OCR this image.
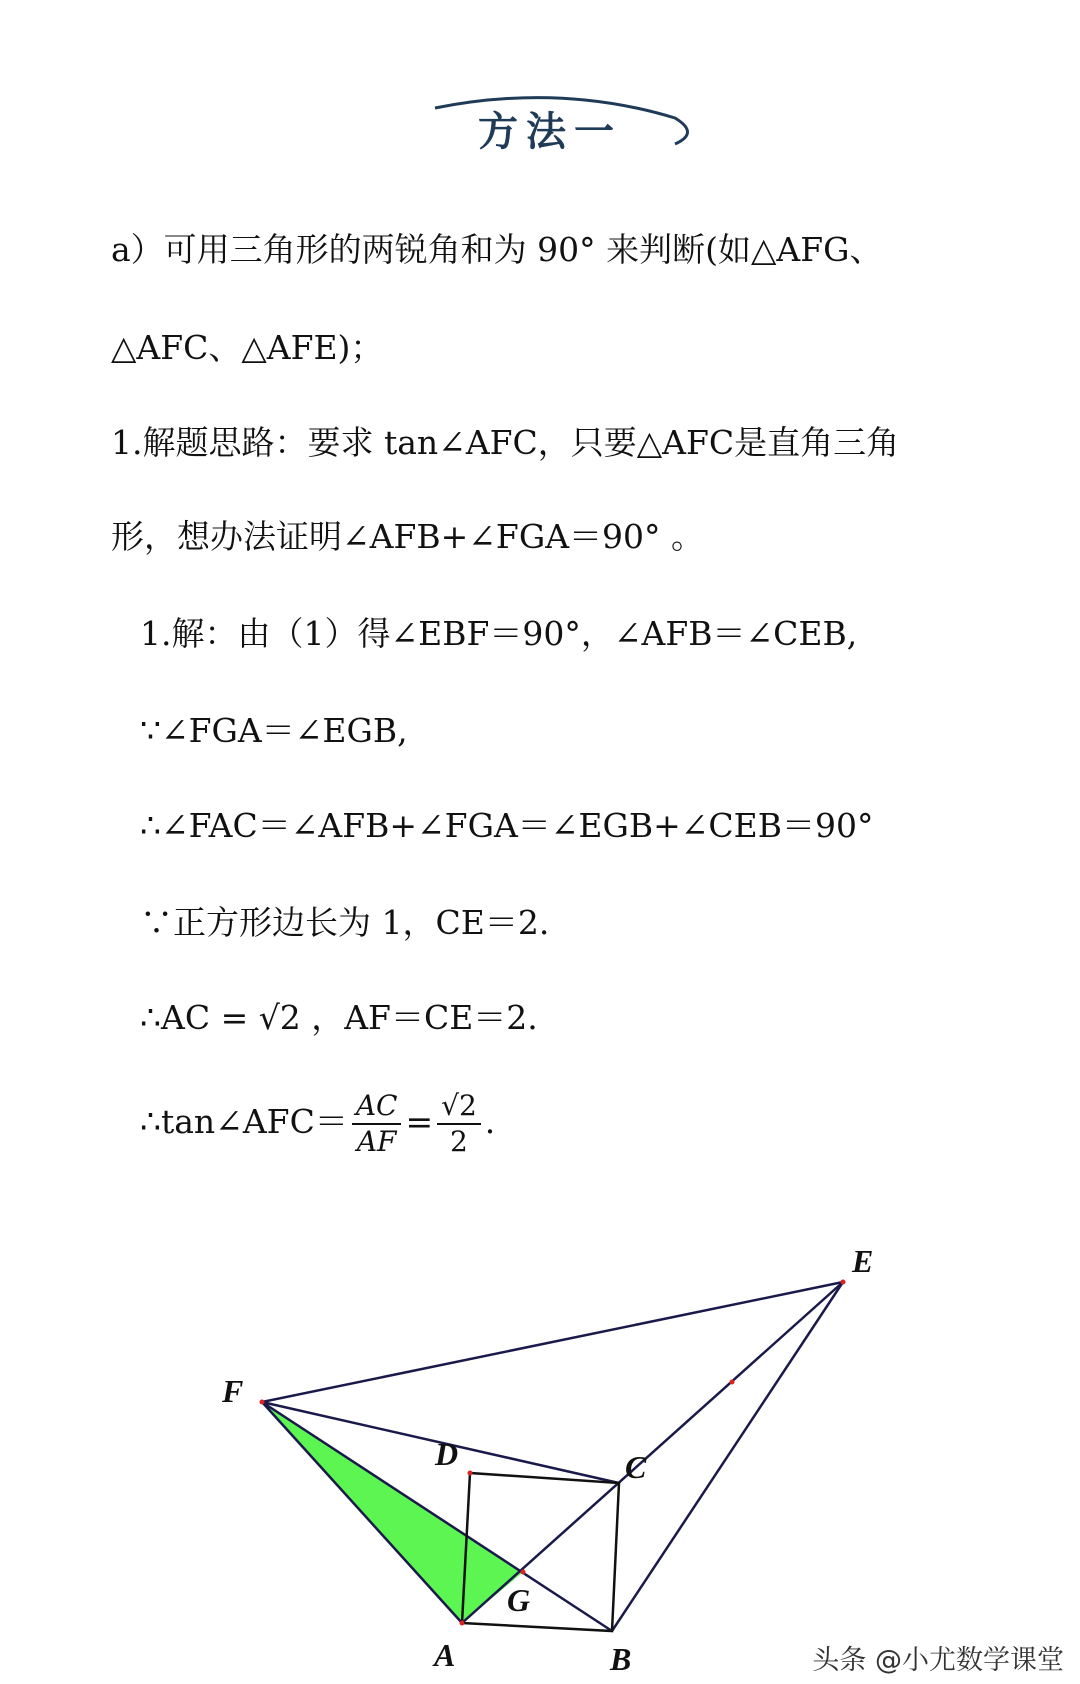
方法一
a）可用三角形的两锐角和为 90° 来判断(如△AFG、
△AFC、△AFE)；
1.解题思路：要求 tan∠AFC，只要△AFC是直角三角
形，想办法证明∠AFB+∠FGA＝90° 。
1.解：由（1）得∠EBF＝90°，∠AFB＝∠CEB,
∵∠FGA＝∠EGB,
∴∠FAC＝∠AFB+∠FGA＝∠EGB+∠CEB＝90°
∵正方形边长为 1，CE＝2.
∴AC = √2 ，AF＝CE＝2.
∴tan∠AFC＝ $\frac{AC}{AF} = \frac{√2}{2}$ .
F
E
D	C
G
A	B	头条 @小尤数学课堂
